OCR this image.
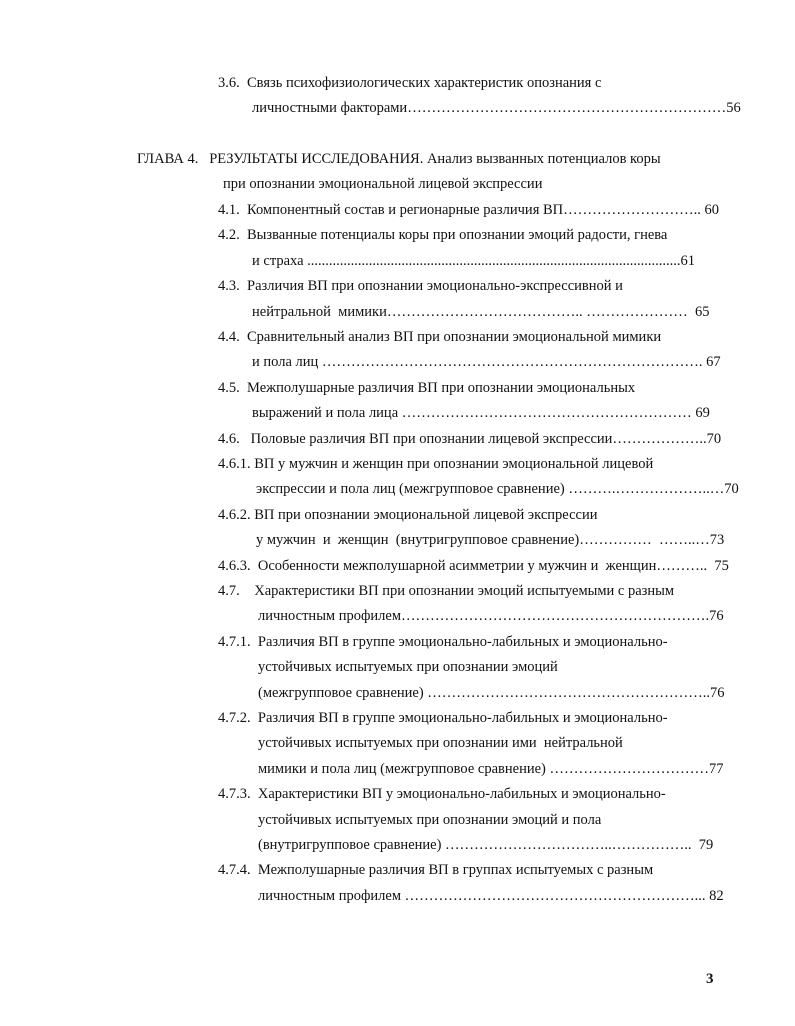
3.6.  Связь психофизиологических характеристик опознания с
личностными факторами…………………………………………………………56
ГЛАВА 4.   РЕЗУЛЬТАТЫ ИССЛЕДОВАНИЯ. Анализ вызванных потенциалов коры
при опознании эмоциональной лицевой экспрессии
4.1.  Компонентный состав и регионарные различия ВП……………………….. 60
4.2.  Вызванные потенциалы коры при опознании эмоций радости, гнева
и страха .......................................................................................................61
4.3.  Различия ВП при опознании эмоционально-экспрессивной и
нейтральной  мимики………………………………….. …………………  65
4.4.  Сравнительный анализ ВП при опознании эмоциональной мимики
и пола лиц ……………………………………………………………………. 67
4.5.  Межполушарные различия ВП при опознании эмоциональных
выражений и пола лица …………………………………………………… 69
4.6.   Половые различия ВП при опознании лицевой экспрессии………………..70
4.6.1. ВП у мужчин и женщин при опознании эмоциональной лицевой
экспрессии и пола лиц (межгрупповое сравнение) ……….………………..…70
4.6.2. ВП при опознании эмоциональной лицевой экспрессии
у мужчин  и  женщин  (внутригрупповое сравнение)……………  ……..…73
4.6.3.  Особенности межполушарной асимметрии у мужчин и  женщин………..  75
4.7.    Характеристики ВП при опознании эмоций испытуемыми с разным
личностным профилем……………………………………………………….76
4.7.1.  Различия ВП в группе эмоционально-лабильных и эмоционально-
устойчивых испытуемых при опознании эмоций
(межгрупповое сравнение) …………………………………………………..76
4.7.2.  Различия ВП в группе эмоционально-лабильных и эмоционально-
устойчивых испытуемых при опознании ими  нейтральной
мимики и пола лиц (межгрупповое сравнение) ……………………………77
4.7.3.  Характеристики ВП у эмоционально-лабильных и эмоционально-
устойчивых испытуемых при опознании эмоций и пола
(внутригрупповое сравнение) ……………………………..……………..  79
4.7.4.  Межполушарные различия ВП в группах испытуемых с разным
личностным профилем ……………………………………………………... 82
3
